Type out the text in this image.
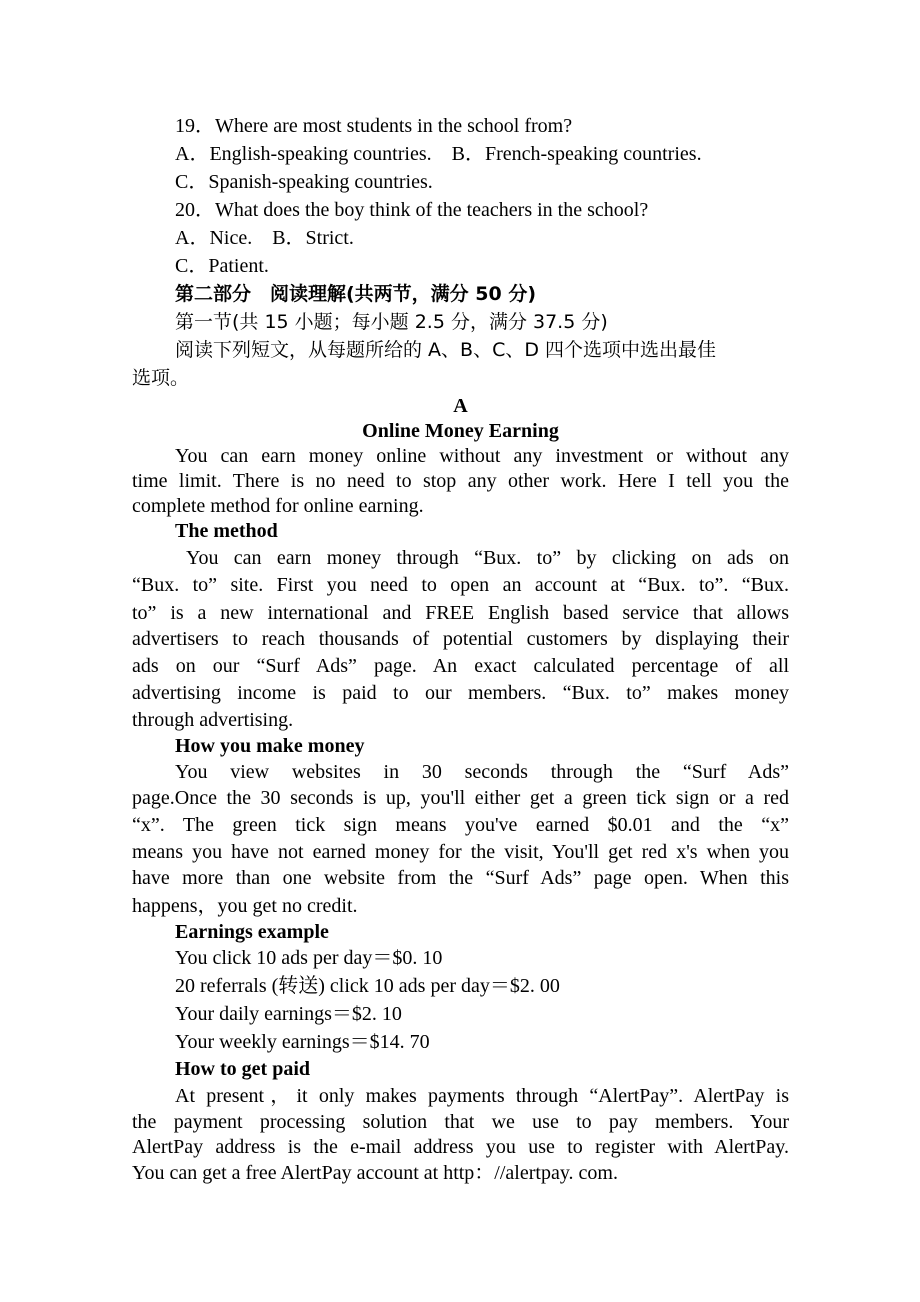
19．Where are most students in the school from?
A．English-speaking countries.　B．French-speaking countries.
C．Spanish-speaking countries.
20．What does the boy think of the teachers in the school?
A．Nice.　B．Strict.
C．Patient.
第二部分　阅读理解(共两节，满分 50 分)
第一节(共 15 小题；每小题 2.5 分，满分 37.5 分)
阅读下列短文，从每题所给的 A、B、C、D 四个选项中选出最佳
选项。
A
Online Money Earning
You can earn money online without any investment or without any
time limit. There is no need to stop any other work. Here I tell you the
complete method for online earning.
The method
You can earn money through “Bux. to” by clicking on ads on
“Bux. to” site. First you need to open an account at “Bux. to”. “Bux.
to” is a new international and FREE English based service that allows
advertisers to reach thousands of potential customers by displaying their
ads on our “Surf Ads” page. An exact calculated percentage of all
advertising income is paid to our members. “Bux. to” makes money
through advertising.
How you make money
You view websites in 30 seconds through the “Surf Ads”
page.Once the 30 seconds is up, you'll either get a green tick sign or a red
“x”. The green tick sign means you've earned $0.01 and the “x”
means you have not earned money for the visit, You'll get red x's when you
have more than one website from the “Surf Ads” page open. When this
happens，you get no credit.
Earnings example
You click 10 ads per day＝$0. 10
20 referrals (转送) click 10 ads per day＝$2. 00
Your daily earnings＝$2. 10
Your weekly earnings＝$14. 70
How to get paid
At present，it only makes payments through “AlertPay”. AlertPay is
the payment processing solution that we use to pay members. Your
AlertPay address is the e-mail address you use to register with AlertPay.
You can get a free AlertPay account at http：//alertpay. com.
